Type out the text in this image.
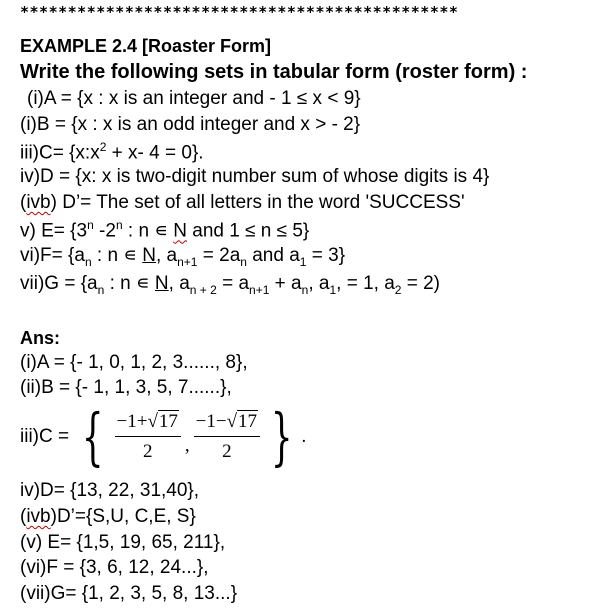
**********************************************
EXAMPLE 2.4 [Roaster Form]
Write the following sets in tabular form (roster form) :
(i)A = {x : x is an integer and - 1 ≤ x < 9}
(i)B = {x : x is an odd integer and x > - 2}
$iii)C= \{x:x^2 + x-$ 4 = 0}.
iv)D = {x: x is two-digit number sum of whose digits is 4}
(ivb) D’= The set of all letters in the word 'SUCCESS'
v) $E= \{3^n$ -2$^n$ : n ∊ N and 1 ≤ n ≤ 5}
$vi)F= \{a_n$ : n ∊ N, $a_{n+1} = 2a_n$ and $a_1 = 3$}
$vii)G = \{a_n$ : n ∊ N, $a_{n + 2} = a_{n+1} + a_n$, $a_1$, = 1, $a_2 = 2$)
Ans:
(i)A = {- 1, 0, 1, 2, 3......, 8},
(ii)B = {- 1, 1, 3, 5, 7......},
iii)C = { $\frac{-1+√17}{2}$ , $\frac{-1-√17}{2}$ } .
iv)D= {13, 22, 31,40},
(ivb)D’={S,U, C,E, S}
(v) E= {1,5, 19, 65, 211},
(vi)F = {3, 6, 12, 24...},
(vii)G= {1, 2, 3, 5, 8, 13...}
